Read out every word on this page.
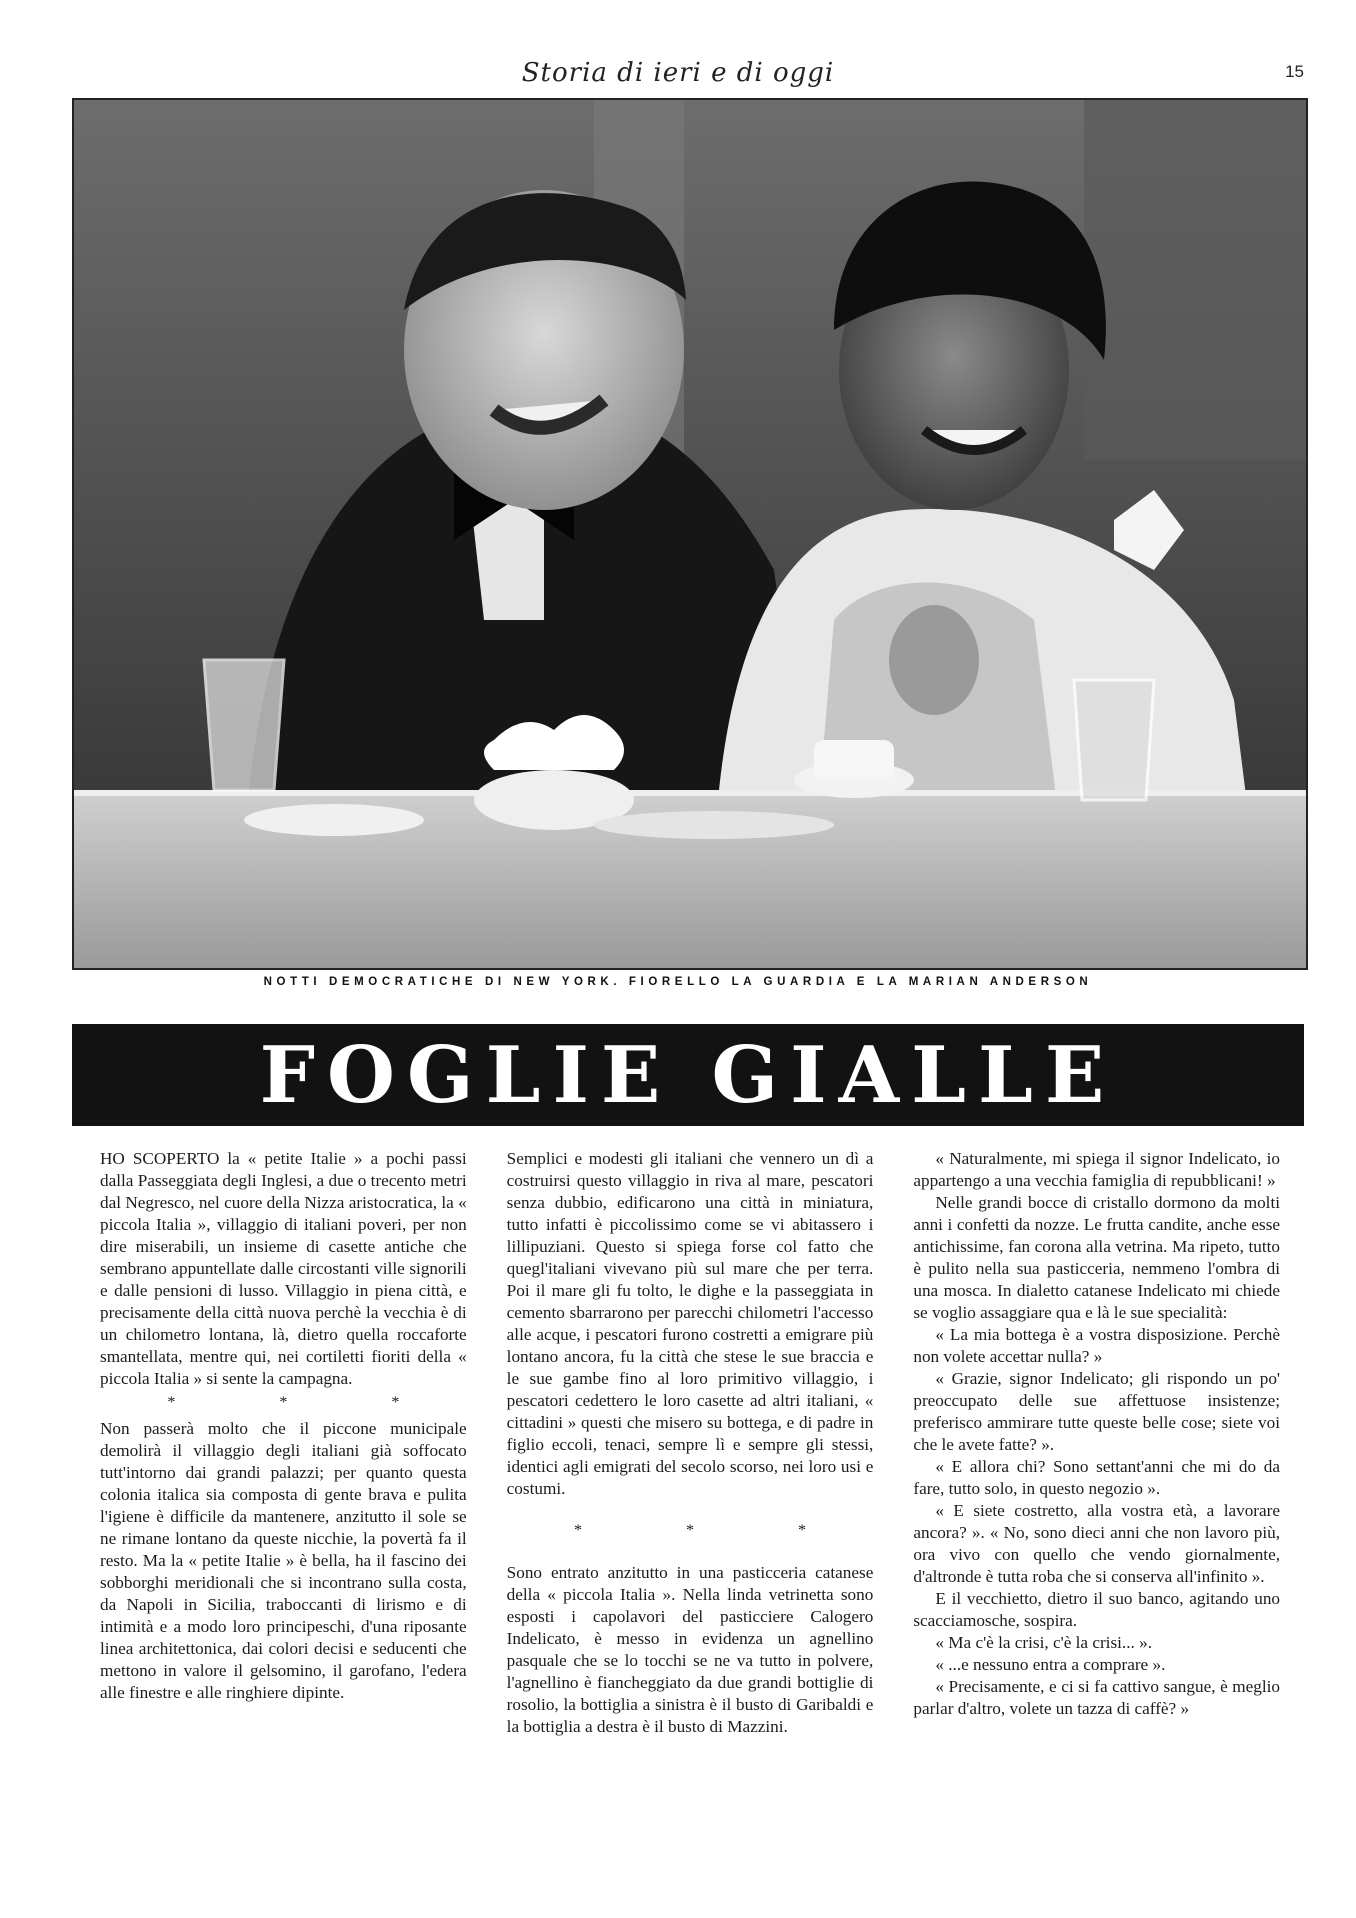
Storia di ieri e di oggi	15
NOTTI DEMOCRATICHE DI NEW YORK. FIORELLO LA GUARDIA E LA MARIAN ANDERSON
FOGLIE GIALLE

HO SCOPERTO la « petite Italie » a pochi passi dalla Passeggiata degli Inglesi, a due o trecento metri dal Negresco, nel cuore della Nizza aristocratica, la « piccola Italia », villaggio di italiani poveri, per non dire miserabili, un insieme di casette antiche che sembrano appuntellate dalle circostanti ville signorili e dalle pensioni di lusso. Villaggio in piena città, e precisamente della città nuova perchè la vecchia è di un chilometro lontana, là, dietro quella roccaforte smantellata, mentre qui, nei cortiletti fioriti della « piccola Italia » si sente la campagna.

* * *

Non passerà molto che il piccone municipale demolirà il villaggio degli italiani già soffocato tutt'intorno dai grandi palazzi; per quanto questa colonia italica sia composta di gente brava e pulita l'igiene è difficile da mantenere, anzitutto il sole se ne rimane lontano da queste nicchie, la povertà fa il resto. Ma la « petite Italie » è bella, ha il fascino dei sobborghi meridionali che si incontrano sulla costa, da Napoli in Sicilia, traboccanti di lirismo e di intimità e a modo loro principeschi, d'una riposante linea architettonica, dai colori decisi e seducenti che mettono in valore il gelsomino, il garofano, l'edera alle finestre e alle ringhiere dipinte.

Semplici e modesti gli italiani che vennero un dì a costruirsi questo villaggio in riva al mare, pescatori senza dubbio, edificarono una città in miniatura, tutto infatti è piccolissimo come se vi abitassero i lillipuziani. Questo si spiega forse col fatto che quegl'italiani vivevano più sul mare che per terra. Poi il mare gli fu tolto, le dighe e la passeggiata in cemento sbarrarono per parecchi chilometri l'accesso alle acque, i pescatori furono costretti a emigrare più lontano ancora, fu la città che stese le sue braccia e le sue gambe fino al loro primitivo villaggio, i pescatori cedettero le loro casette ad altri italiani, « cittadini » questi che misero su bottega, e di padre in figlio eccoli, tenaci, sempre lì e sempre gli stessi, identici agli emigrati del secolo scorso, nei loro usi e costumi.

* * *

Sono entrato anzitutto in una pasticceria catanese della « piccola Italia ». Nella linda vetrinetta sono esposti i capolavori del pasticciere Calogero Indelicato, è messo in evidenza un agnellino pasquale che se lo tocchi se ne va tutto in polvere, l'agnellino è fiancheggiato da due grandi bottiglie di rosolio, la bottiglia a sinistra è il busto di Garibaldi e la bottiglia a destra è il busto di Mazzini.

« Naturalmente, mi spiega il signor Indelicato, io appartengo a una vecchia famiglia di repubblicani! »

Nelle grandi bocce di cristallo dormono da molti anni i confetti da nozze. Le frutta candite, anche esse antichissime, fan corona alla vetrina. Ma ripeto, tutto è pulito nella sua pasticceria, nemmeno l'ombra di una mosca. In dialetto catanese Indelicato mi chiede se voglio assaggiare qua e là le sue specialità:

« La mia bottega è a vostra disposizione. Perchè non volete accettar nulla? »

« Grazie, signor Indelicato; gli rispondo un po' preoccupato delle sue affettuose insistenze; preferisco ammirare tutte queste belle cose; siete voi che le avete fatte? ».

« E allora chi? Sono settant'anni che mi do da fare, tutto solo, in questo negozio ».

« E siete costretto, alla vostra età, a lavorare ancora? ». « No, sono dieci anni che non lavoro più, ora vivo con quello che vendo giornalmente, d'altronde è tutta roba che si conserva all'infinito ».

E il vecchietto, dietro il suo banco, agitando uno scacciamosche, sospira.

« Ma c'è la crisi, c'è la crisi... ».

« ...e nessuno entra a comprare ».

« Precisamente, e ci si fa cattivo sangue, è meglio parlar d'altro, volete un tazza di caffè? »
